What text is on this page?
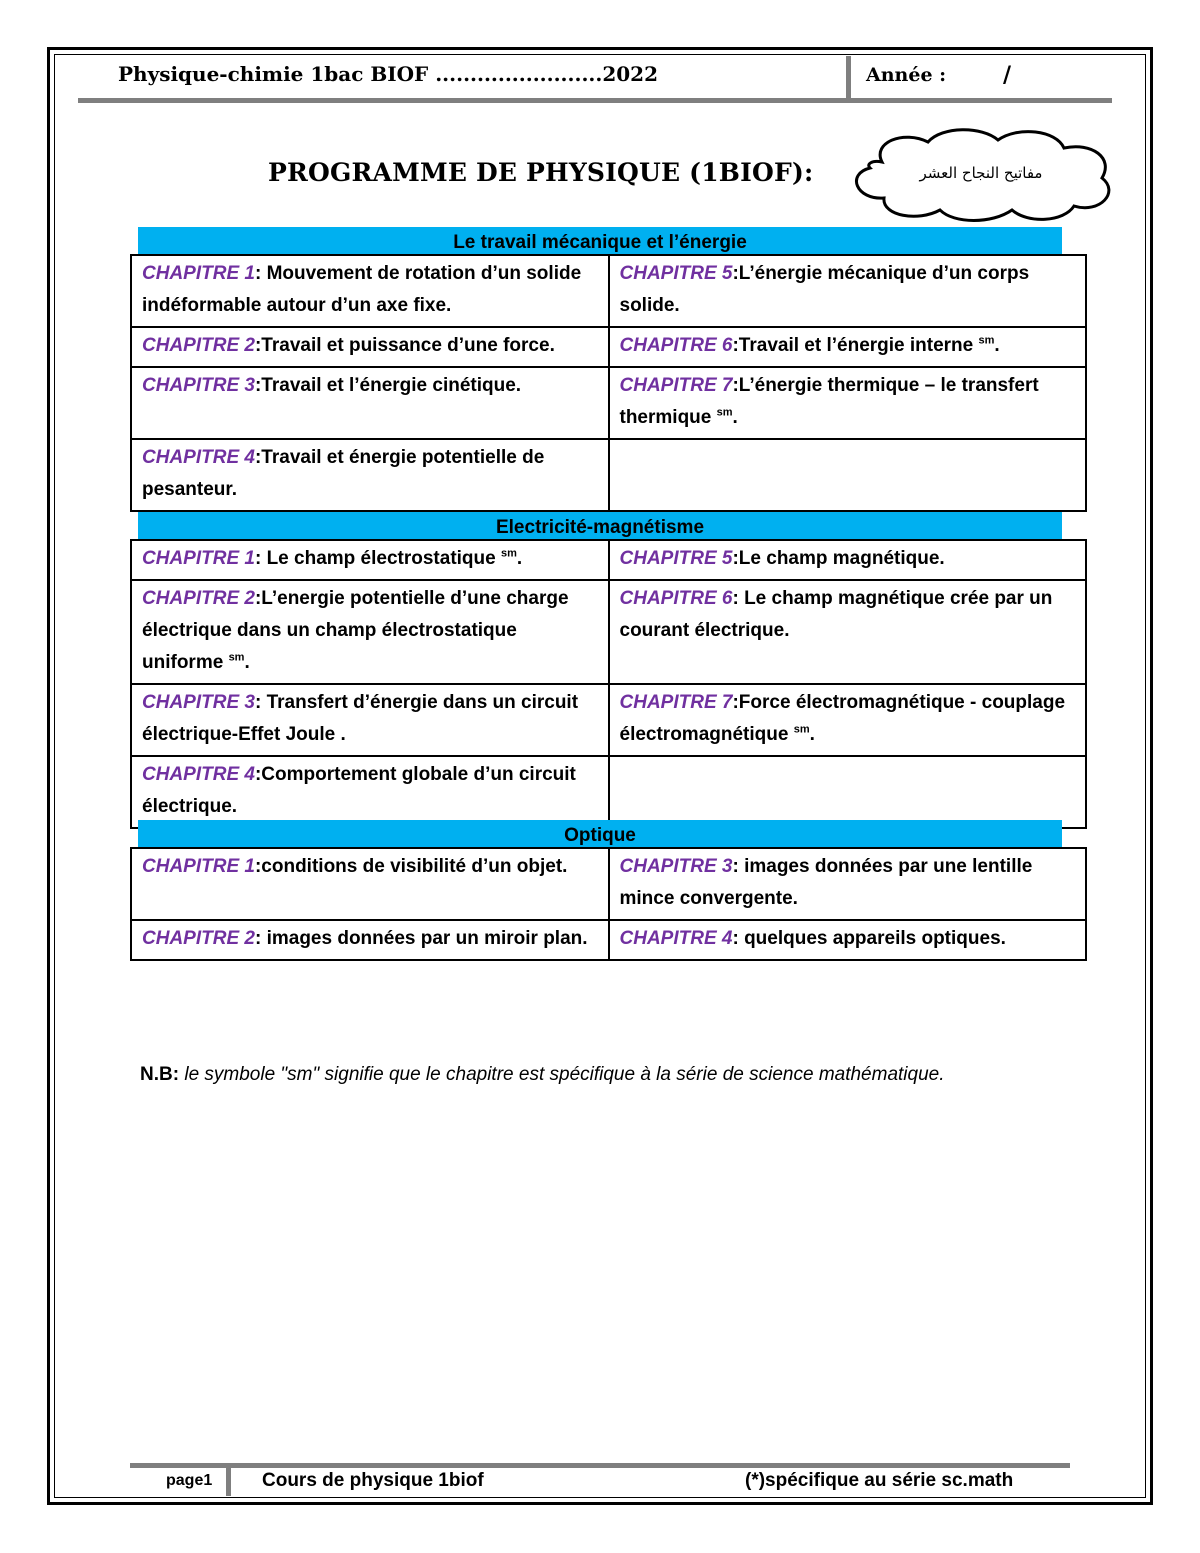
Physique-chimie 1bac BIOF ........................2022	Année :	/
PROGRAMME DE PHYSIQUE (1BIOF):	مفاتيح النجاح العشر
Le travail mécanique et l’énergie
CHAPITRE 1: Mouvement de rotation d’un solide indéformable autour d’un axe fixe.	CHAPITRE 5:L’énergie mécanique d’un corps solide.
CHAPITRE 2:Travail et puissance d’une force.	CHAPITRE 6:Travail et l’énergie interne $^{sm}$.
CHAPITRE 3:Travail et l’énergie cinétique.	CHAPITRE 7:L’énergie thermique – le transfert thermique $^{sm}$.
CHAPITRE 4:Travail et énergie potentielle de pesanteur.	
Electricité-magnétisme
CHAPITRE 1: Le champ électrostatique $^{sm}$.	CHAPITRE 5:Le champ magnétique.
CHAPITRE 2:L’energie potentielle d’une charge électrique dans un champ électrostatique uniforme $^{sm}$.	CHAPITRE 6: Le champ magnétique crée par un courant électrique.
CHAPITRE 3: Transfert d’énergie dans un circuit électrique-Effet Joule .	CHAPITRE 7:Force électromagnétique - couplage électromagnétique $^{sm}$.
CHAPITRE 4:Comportement globale d’un circuit électrique.	
Optique
CHAPITRE 1:conditions de visibilité d’un objet.	CHAPITRE 3: images données par une lentille mince convergente.
CHAPITRE 2: images données par un miroir plan.	CHAPITRE 4: quelques appareils optiques.
N.B: le symbole "sm" signifie que le chapitre est spécifique à la série de science mathématique.
page1	Cours de physique 1biof	(*)spécifique au série sc.math
